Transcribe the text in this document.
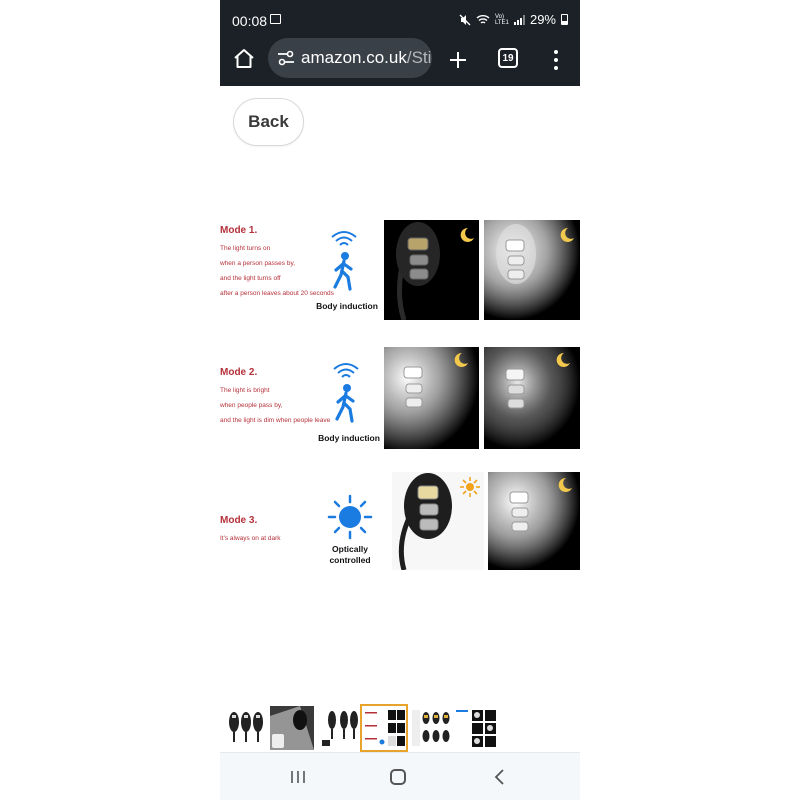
00:08	Vo) LTE1 29%
amazon.co.uk /Sti	19
Back
Mode 1.
The light turns on
when a person passes by,
and the light turns off
after a person leaves about 20 seconds
Body induction
Mode 2.
The light is bright
when people pass by,
and the light is dim when people leave
Body induction
Mode 3.
It's always on at dark
Optically
controlled
